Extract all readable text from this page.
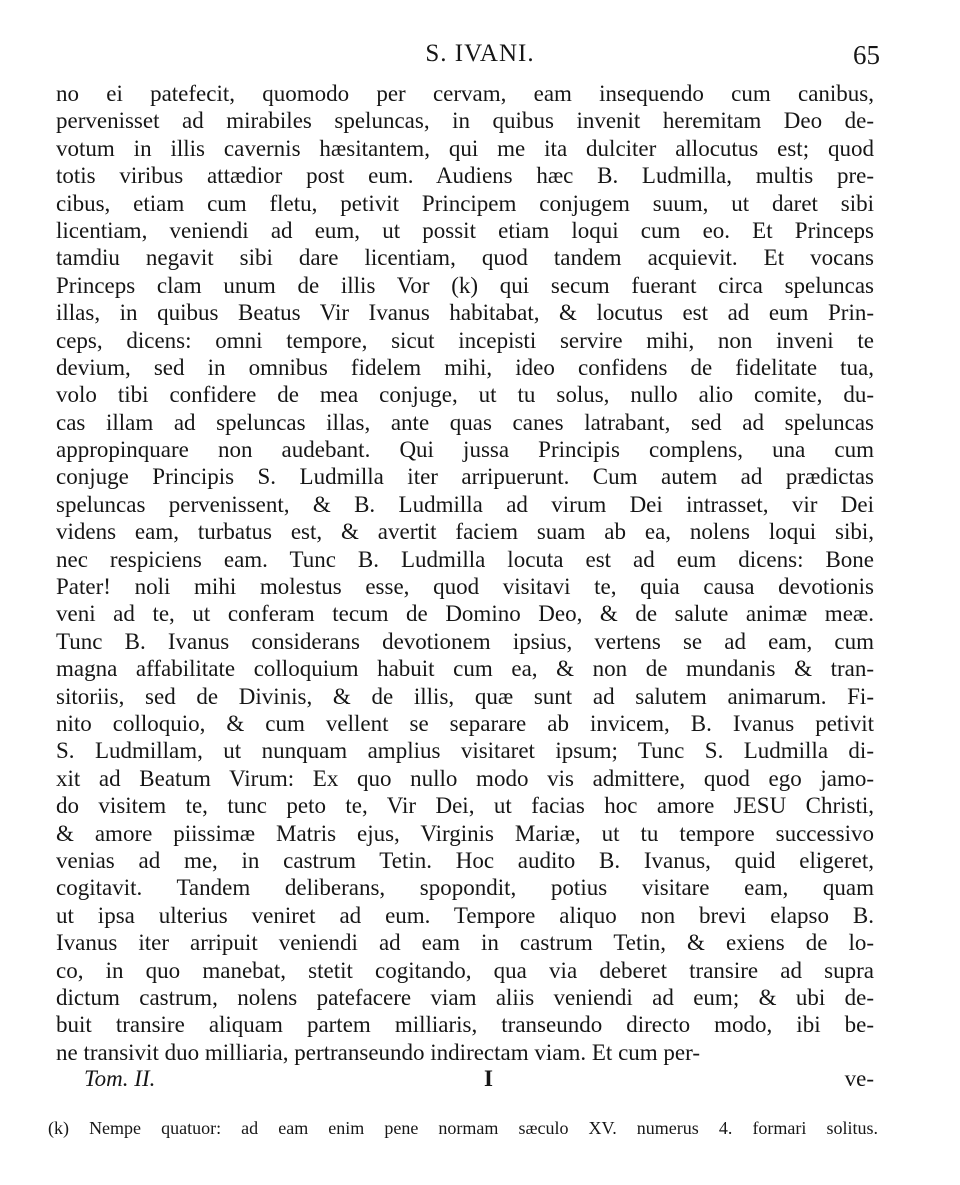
S. IVANI.	65
no ei patefecit, quomodo per cervam, eam insequendo cum canibus,
pervenisset ad mirabiles speluncas, in quibus invenit heremitam Deo de-
votum in illis cavernis hæsitantem, qui me ita dulciter allocutus est; quod
totis viribus attædior post eum. Audiens hæc B. Ludmilla, multis pre-
cibus, etiam cum fletu, petivit Principem conjugem suum, ut daret sibi
licentiam, veniendi ad eum, ut possit etiam loqui cum eo. Et Princeps
tamdiu negavit sibi dare licentiam, quod tandem acquievit. Et vocans
Princeps clam unum de illis Vor (k) qui secum fuerant circa speluncas
illas, in quibus Beatus Vir Ivanus habitabat, & locutus est ad eum Prin-
ceps, dicens: omni tempore, sicut incepisti servire mihi, non inveni te
devium, sed in omnibus fidelem mihi, ideo confidens de fidelitate tua,
volo tibi confidere de mea conjuge, ut tu solus, nullo alio comite, du-
cas illam ad speluncas illas, ante quas canes latrabant, sed ad speluncas
appropinquare non audebant. Qui jussa Principis complens, una cum
conjuge Principis S. Ludmilla iter arripuerunt. Cum autem ad prædictas
speluncas pervenissent, & B. Ludmilla ad virum Dei intrasset, vir Dei
videns eam, turbatus est, & avertit faciem suam ab ea, nolens loqui sibi,
nec respiciens eam. Tunc B. Ludmilla locuta est ad eum dicens: Bone
Pater! noli mihi molestus esse, quod visitavi te, quia causa devotionis
veni ad te, ut conferam tecum de Domino Deo, & de salute animæ meæ.
Tunc B. Ivanus considerans devotionem ipsius, vertens se ad eam, cum
magna affabilitate colloquium habuit cum ea, & non de mundanis & tran-
sitoriis, sed de Divinis, & de illis, quæ sunt ad salutem animarum. Fi-
nito colloquio, & cum vellent se separare ab invicem, B. Ivanus petivit
S. Ludmillam, ut nunquam amplius visitaret ipsum; Tunc S. Ludmilla di-
xit ad Beatum Virum: Ex quo nullo modo vis admittere, quod ego jamo-
do visitem te, tunc peto te, Vir Dei, ut facias hoc amore JESU Christi,
& amore piissimæ Matris ejus, Virginis Mariæ, ut tu tempore successivo
venias ad me, in castrum Tetin. Hoc audito B. Ivanus, quid eligeret,
cogitavit. Tandem deliberans, spopondit, potius visitare eam, quam
ut ipsa ulterius veniret ad eum. Tempore aliquo non brevi elapso B.
Ivanus iter arripuit veniendi ad eam in castrum Tetin, & exiens de lo-
co, in quo manebat, stetit cogitando, qua via deberet transire ad supra
dictum castrum, nolens patefacere viam aliis veniendi ad eum; & ubi de-
buit transire aliquam partem milliaris, transeundo directo modo, ibi be-
ne transivit duo milliaria, pertranseundo indirectam viam. Et cum per-
Tom. II.	I	ve-
(k) Nempe quatuor: ad eam enim pene normam sæculo XV. numerus 4. formari solitus.
